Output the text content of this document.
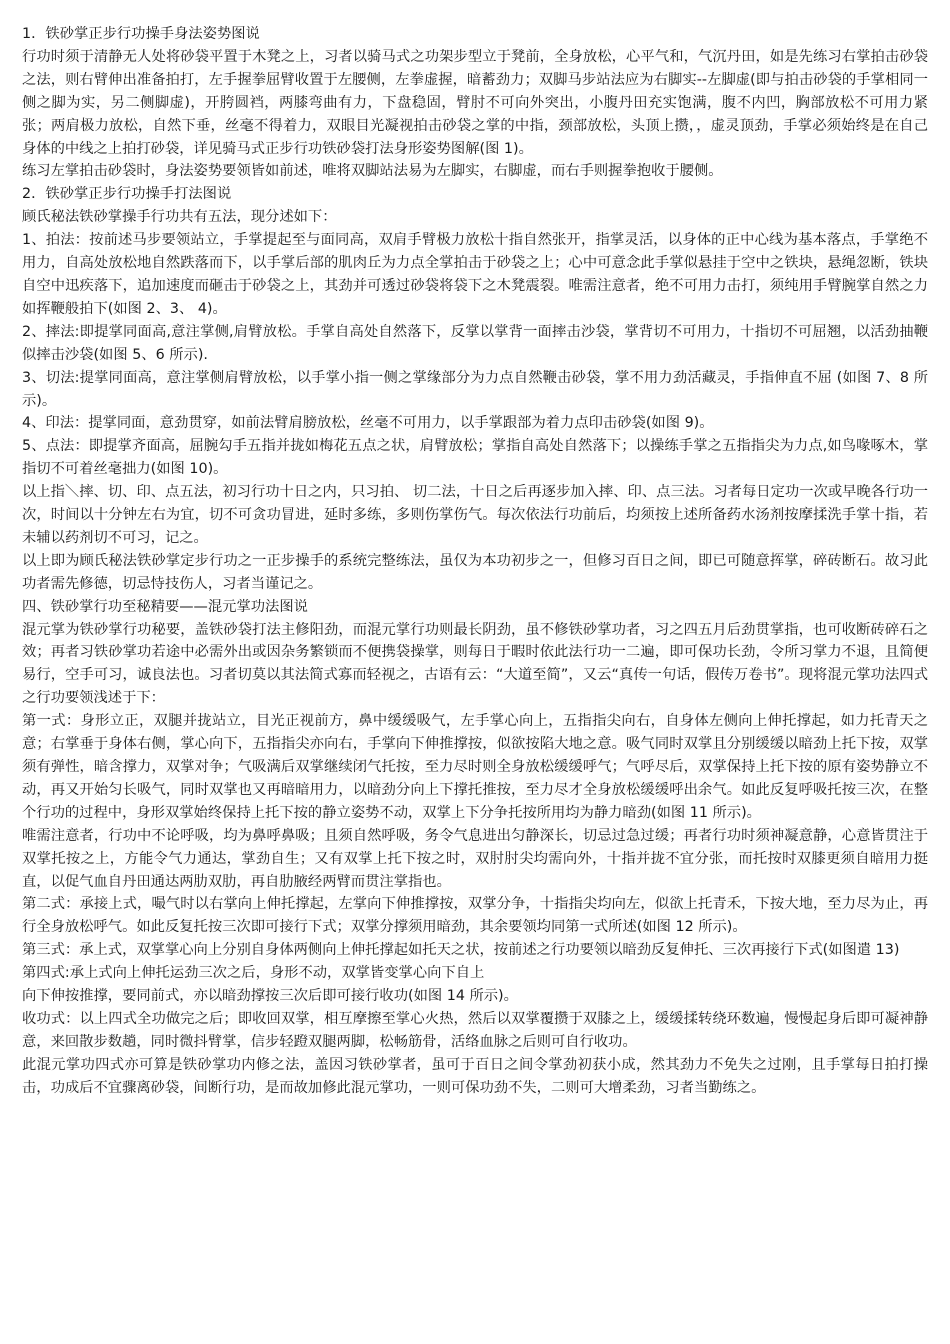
1．铁砂掌正步行功操手身法姿势图说

行功时须于清静无人处将砂袋平置于木凳之上，习者以骑马式之功架步型立于凳前，全身放松，心平气和，气沉丹田，如是先练习右掌拍击砂袋之法，则右臂伸出准备拍打，左手握拳屈臂收置于左腰侧，左拳虚握，暗蓄劲力；双脚马步站法应为右脚实--左脚虚(即与拍击砂袋的手掌相同一侧之脚为实，另二侧脚虚)，开胯圆裆，两膝弯曲有力，下盘稳固，臂肘不可向外突出，小腹丹田充实饱满，腹不内凹，胸部放松不可用力紧张；两肩极力放松，自然下垂，丝毫不得着力，双眼目光凝视拍击砂袋之掌的中指，颈部放松，头顶上攒，，虚灵顶劲，手掌必须始终是在自己身体的中线之上拍打砂袋，详见骑马式正步行功铁砂袋打法身形姿势图解(图 1)。

练习左掌拍击砂袋时，身法姿势要领皆如前述，唯将双脚站法易为左脚实，右脚虚，而右手则握拳抱收于腰侧。

2．铁砂掌正步行功操手打法图说

顾氏秘法铁砂掌操手行功共有五法，现分述如下：

1、拍法：按前述马步要领站立，手掌提起至与面同高，双肩手臂极力放松十指自然张开，指掌灵活，以身体的正中心线为基本落点，手掌绝不用力，自高处放松地自然跌落而下，以手掌后部的肌肉丘为力点全掌拍击于砂袋之上；心中可意念此手掌似悬挂于空中之铁块，悬绳忽断，铁块自空中迅疾落下，追加速度而砸击于砂袋之上，其劲并可透过砂袋将袋下之木凳震裂。唯需注意者，绝不可用力击打，须纯用手臂腕掌自然之力如挥鞭般拍下(如图 2、3、 4)。

2、摔法:即提掌同面高,意注掌侧,肩臂放松。手掌自高处自然落下，反掌以掌背一面摔击沙袋，掌背切不可用力，十指切不可屈翘，以活劲抽鞭似摔击沙袋(如图 5、6 所示).

3、切法:提掌同面高，意注掌侧肩臂放松，以手掌小指一侧之掌缘部分为力点自然鞭击砂袋，掌不用力劲活藏灵，手指伸直不屈 (如图 7、8 所示)。

4、印法：提掌同面，意劲贯穿，如前法臂肩膀放松，丝毫不可用力，以手掌跟部为着力点印击砂袋(如图 9)。

5、点法：即提掌齐面高，屈腕勾手五指并拢如梅花五点之状，肩臂放松；掌指自高处自然落下；以操练手掌之五指指尖为力点,如鸟喙啄木，掌 指切不可着丝毫拙力(如图 10)。

以上指＼摔、切、印、点五法，初习行功十日之内，只习拍、 切二法，十日之后再逐步加入摔、印、点三法。习者每日定功一次或早晚各行功一次，时间以十分钟左右为宜，切不可贪功冒进，延时多练，多则伤掌伤气。每次依法行功前后，均须按上述所备药水汤剂按摩揉洗手掌十指，若未辅以药剂切不可习，记之。

以上即为顾氏秘法铁砂掌定步行功之一正步操手的系统完整练法，虽仅为本功初步之一，但修习百日之间，即已可随意挥掌，碎砖断石。故习此功者需先修德，切忌恃技伤人，习者当谨记之。

四、铁砂掌行功至秘精要——混元掌功法图说

混元掌为铁砂掌行功秘要，盖铁砂袋打法主修阳劲，而混元掌行功则最长阴劲，虽不修铁砂掌功者，习之四五月后劲贯掌指，也可收断砖碎石之效；再者习铁砂掌功若途中必需外出或因杂务繁锁而不便携袋操掌，则每日于暇时依此法行功一二遍，即可保功长劲，令所习掌力不退，且简便易行，空手可习，诚良法也。习者切莫以其法简式寡而轻视之，古语有云：“大道至简”，又云“真传一句话，假传万卷书”。现将混元掌功法四式之行功要领浅述于下：

第一式：身形立正，双腿并拢站立，目光正视前方，鼻中缓缓吸气，左手掌心向上，五指指尖向右，自身体左侧向上伸托撑起，如力托青天之意；右掌垂于身体右侧，掌心向下，五指指尖亦向右，手掌向下伸推撑按，似欲按陷大地之意。吸气同时双掌且分别缓缓以暗劲上托下按，双掌须有弹性，暗含撑力，双掌对争；气吸满后双掌继续闭气托按，至力尽时则全身放松缓缓呼气；气呼尽后，双掌保持上托下按的原有姿势静立不 动，再又开始匀长吸气，同时双掌也又再暗暗用力，以暗劲分向上下撑托推按，至力尽才全身放松缓缓呼出余气。如此反复呼吸托按三次，在整个行功的过程中，身形双掌始终保持上托下按的静立姿势不动，双掌上下分争托按所用均为静力暗劲(如图 11 所示)。

唯需注意者，行功中不论呼吸，均为鼻呼鼻吸；且须自然呼吸，务令气息进出匀静深长，切忌过急过缓；再者行功时须神凝意静，心意皆贯注于双掌托按之上，方能令气力通达，掌劲自生；又有双掌上托下按之时，双肘肘尖均需向外，十指并拢不宜分张，而托按时双膝更须自暗用力挺直，以促气血自丹田通达两肋双肋，再自肋腋经两臂而贯注掌指也。

第二式：承接上式，嘬气时以右掌向上伸托撑起，左掌向下伸推撑按，双掌分争，十指指尖均向左，似欲上托青禾，下按大地，至力尽为止，再行全身放松呼气。如此反复托按三次即可接行下式；双掌分撑须用暗劲，其余要领均同第一式所述(如图 12 所示)。

第三式：承上式，双掌掌心向上分别自身体两侧向上伸托撑起如托天之状，按前述之行功要领以暗劲反复伸托、三次再接行下式(如图遣 13)

第四式:承上式向上伸托运劲三次之后，身形不动，双掌皆变掌心向下自上

向下伸按推撑，要同前式，亦以暗劲撑按三次后即可接行收功(如图 14 所示)。

收功式：以上四式全功做完之后；即收回双掌，相互摩擦至掌心火热，然后以双掌覆攒于双膝之上，缓缓揉转绕环数遍，慢慢起身后即可凝神静意，来回散步数趟，同时微抖臂掌，信步轻蹬双腿两脚，松畅筋骨，活络血脉之后则可自行收功。

此混元掌功四式亦可算是铁砂掌功内修之法，盖因习铁砂掌者，虽可于百日之间令掌劲初获小成，然其劲力不免失之过刚，且手掌每日拍打操击，功成后不宜骤离砂袋，间断行功，是而故加修此混元掌功，一则可保功劲不失，二则可大增柔劲，习者当勤练之。
